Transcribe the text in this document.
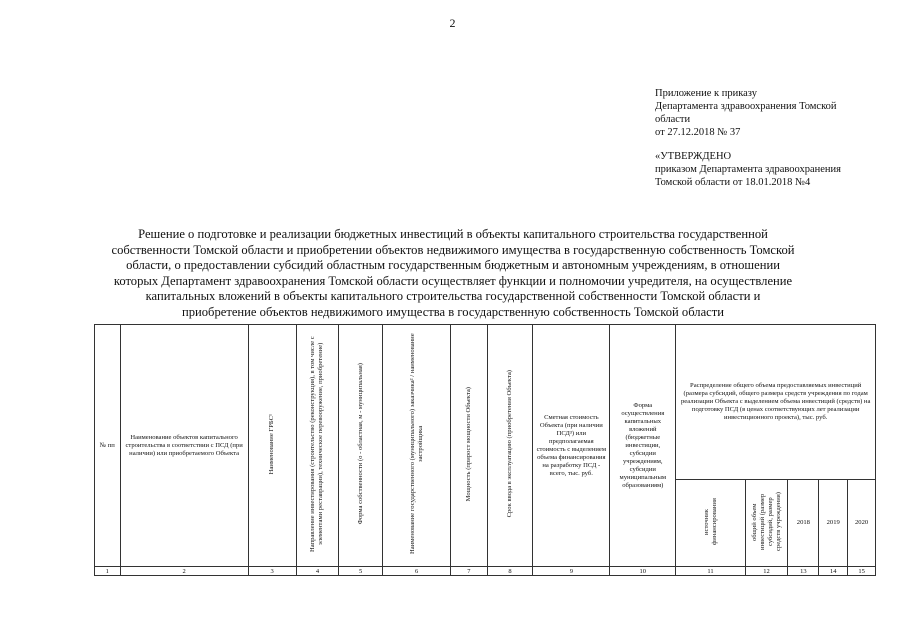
2
Приложение к приказу
Департамента здравоохранения Томской
области
от 27.12.2018 № 37
«УТВЕРЖДЕНО
приказом Департамента здравоохранения
Томской области от 18.01.2018 №4
Решение о подготовке и реализации бюджетных инвестиций в объекты капитального строительства государственной
собственности Томской области и приобретении объектов недвижимого имущества в государственную собственность Томской
области, о предоставлении субсидий областным государственным бюджетным и автономным учреждениям, в отношении
которых Департамент здравоохранения Томской области осуществляет функции и полномочии учредителя, на осуществление
капитальных вложений в объекты капитального строительства государственной собственности Томской области и
приобретение объектов недвижимого имущества в государственную собственность Томской области
№ пп	Наименование объектов капитального строительства в соответствии с ПСД (при наличии) или приобретаемого Объекта	Наименование ГРБС¹	Направление инвестирования (строительство (реконструкция), в том числе с элементами реставрации), техническое перевооружение, приобретение)	Форма собственности (о - областная, м - муниципальная)	Наименование государственного (муниципального) заказчика² / наименование застройщика	Мощность (прирост мощности Объекта)	Срок ввода в эксплуатацию (приобретения Объекта)	Сметная стоимость Объекта (при наличии ПСД³) или предполагаемая стоимость с выделением объема финансирования на разработку ПСД - всего, тыс. руб.	Форма осуществления капитальных вложений (бюджетные инвестиции, субсидии учреждениям, субсидии муниципальным образованиям)	Распределение общего объема предоставляемых инвестиций (размера субсидий, общего размера средств учреждения по годам реализации Объекта с выделением объема инвестиций (средств) на подготовку ПСД (в ценах соответствующих лет реализации инвестиционного проекта), тыс. руб.				

										источник финансирования	общий объем инвестиций (размер субсидий, размер средств учреждения)	2018	2019	2020
1	2	3	4	5	6	7	8	9	10	11	12	13	14	15
